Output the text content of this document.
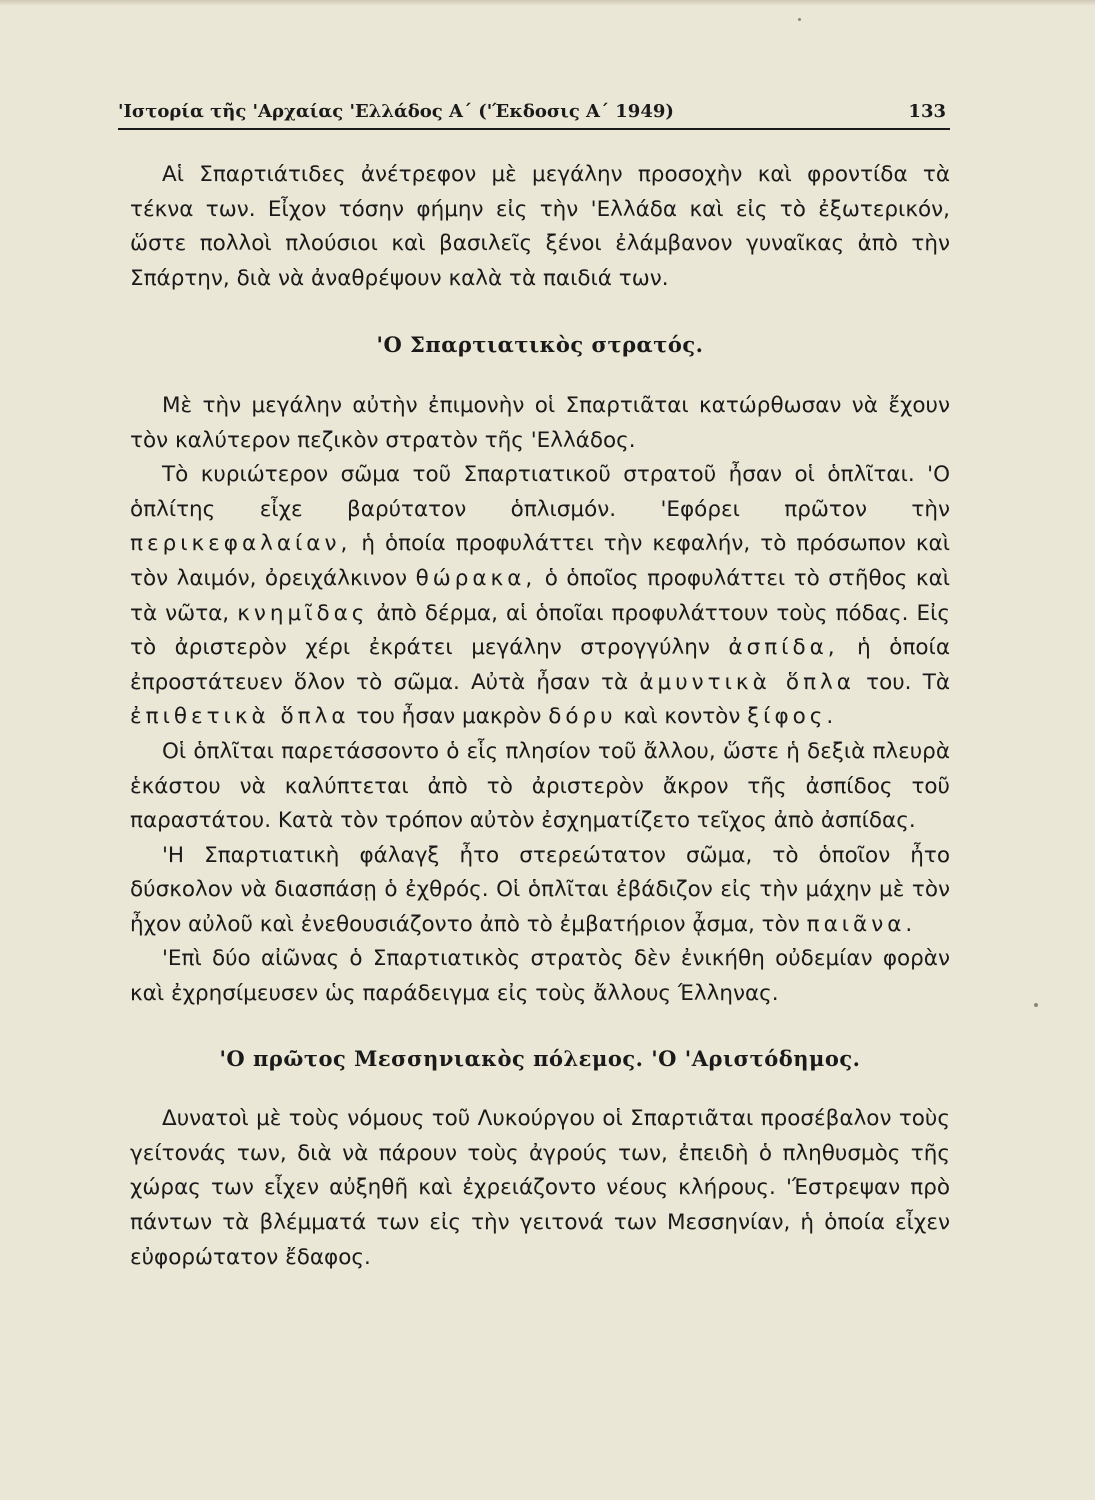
'Ιστορία τῆς 'Αρχαίας 'Ελλάδος Α΄ ('Έκδοσις Α΄ 1949)	133

Αἱ Σπαρτιάτιδες ἀνέτρεφον μὲ μεγάλην προσοχὴν καὶ φροντίδα τὰ τέκνα των. Εἶχον τόσην φήμην εἰς τὴν 'Ελλάδα καὶ εἰς τὸ ἐξωτερικόν, ὥστε πολλοὶ πλούσιοι καὶ βασιλεῖς ξένοι ἐλάμβανον γυναῖκας ἀπὸ τὴν Σπάρτην, διὰ νὰ ἀναθρέψουν καλὰ τὰ παιδιά των.

'Ο Σπαρτιατικὸς στρατός.

Μὲ τὴν μεγάλην αὐτὴν ἐπιμονὴν οἱ Σπαρτιᾶται κατώρθωσαν νὰ ἔχουν τὸν καλύτερον πεζικὸν στρατὸν τῆς 'Ελλάδος.

Τὸ κυριώτερον σῶμα τοῦ Σπαρτιατικοῦ στρατοῦ ἦσαν οἱ ὁπλῖται. 'Ο ὁπλίτης εἶχε βαρύτατον ὁπλισμόν. 'Εφόρει πρῶτον τὴν περικεφαλαίαν, ἡ ὁποία προφυλάττει τὴν κεφαλήν, τὸ πρόσωπον καὶ τὸν λαιμόν, ὀρειχάλκινον θώρακα, ὁ ὁποῖος προφυλάττει τὸ στῆθος καὶ τὰ νῶτα, κνημῖδας ἀπὸ δέρμα, αἱ ὁποῖαι προφυλάττουν τοὺς πόδας. Εἰς τὸ ἀριστερὸν χέρι ἐκράτει μεγάλην στρογγύλην ἀσπίδα, ἡ ὁποία ἐπροστάτευεν ὅλον τὸ σῶμα. Αὐτὰ ἦσαν τὰ ἀμυντικὰ ὅπλα του. Τὰ ἐπιθετικὰ ὅπλα του ἦσαν μακρὸν δόρυ καὶ κοντὸν ξίφος.

Οἱ ὁπλῖται παρετάσσοντο ὁ εἷς πλησίον τοῦ ἄλλου, ὥστε ἡ δεξιὰ πλευρὰ ἑκάστου νὰ καλύπτεται ἀπὸ τὸ ἀριστερὸν ἄκρον τῆς ἀσπίδος τοῦ παραστάτου. Κατὰ τὸν τρόπον αὐτὸν ἐσχηματίζετο τεῖχος ἀπὸ ἀσπίδας.

'Η Σπαρτιατικὴ φάλαγξ ἦτο στερεώτατον σῶμα, τὸ ὁποῖον ἦτο δύσκολον νὰ διασπάσῃ ὁ ἐχθρός. Οἱ ὁπλῖται ἐβάδιζον εἰς τὴν μάχην μὲ τὸν ἦχον αὐλοῦ καὶ ἐνεθουσιάζοντο ἀπὸ τὸ ἐμβατήριον ᾆσμα, τὸν παιᾶνα.

'Επὶ δύο αἰῶνας ὁ Σπαρτιατικὸς στρατὸς δὲν ἐνικήθη οὐδεμίαν φορὰν καὶ ἐχρησίμευσεν ὡς παράδειγμα εἰς τοὺς ἄλλους Έλληνας.

'Ο πρῶτος Μεσσηνιακὸς πόλεμος. 'Ο 'Αριστόδημος.

Δυνατοὶ μὲ τοὺς νόμους τοῦ Λυκούργου οἱ Σπαρτιᾶται προσέβαλον τοὺς γείτονάς των, διὰ νὰ πάρουν τοὺς ἀγρούς των, ἐπειδὴ ὁ πληθυσμὸς τῆς χώρας των εἶχεν αὐξηθῆ καὶ ἐχρειάζοντο νέους κλήρους. 'Έστρεψαν πρὸ πάντων τὰ βλέμματά των εἰς τὴν γειτονά των Μεσσηνίαν, ἡ ὁποία εἶχεν εὐφορώτατον ἔδαφος.
